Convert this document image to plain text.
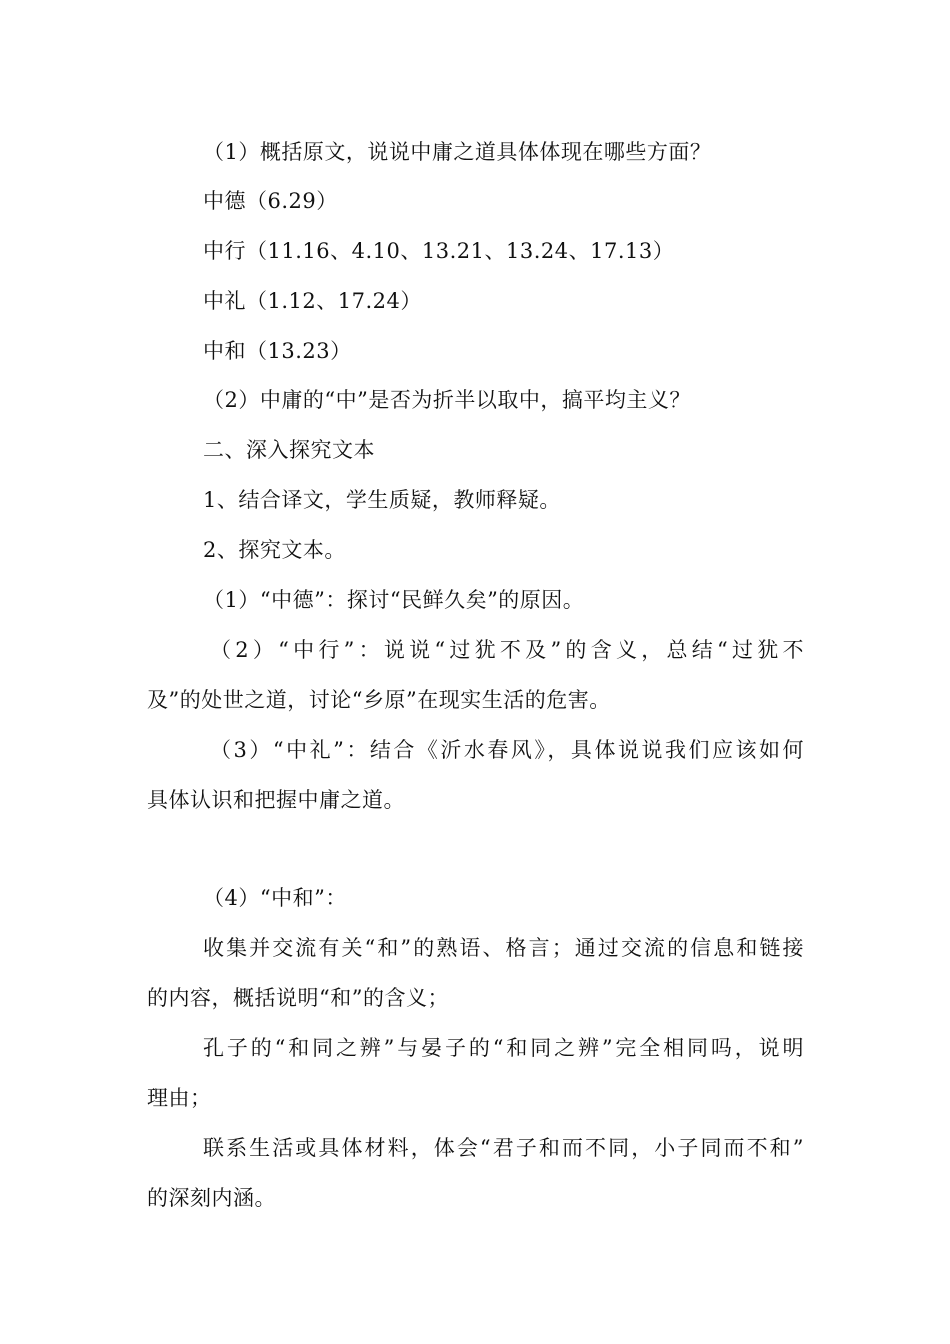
（1）概括原文，说说中庸之道具体体现在哪些方面？
中德（6.29）
中行（11.16、4.10、13.21、13.24、17.13）
中礼（1.12、17.24）
中和（13.23）
（2）中庸的“中”是否为折半以取中，搞平均主义？
二、深入探究文本
1、结合译文，学生质疑，教师释疑。
2、探究文本。
（1）“中德”：探讨“民鲜久矣”的原因。
（2）“中行”：说说“过犹不及”的含义，总结“过犹不
及”的处世之道，讨论“乡原”在现实生活的危害。
（3）“中礼”：结合《沂水春风》，具体说说我们应该如何
具体认识和把握中庸之道。
（4）“中和”：
收集并交流有关“和”的熟语、格言；通过交流的信息和链接
的内容，概括说明“和”的含义；
孔子的“和同之辨”与晏子的“和同之辨”完全相同吗，说明
理由；
联系生活或具体材料，体会“君子和而不同，小子同而不和”
的深刻内涵。
